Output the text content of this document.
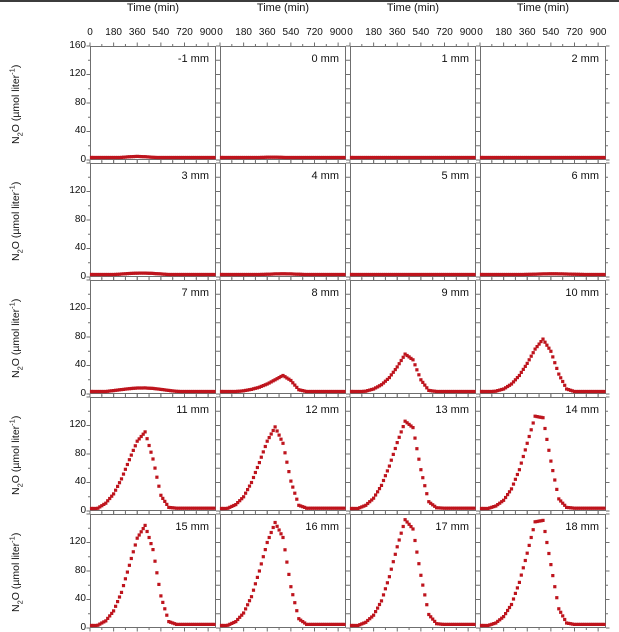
Time (min)
0 180 360 540 720 900
Time (min)
0 180 360 540 720 900
Time (min)
0 180 360 540 720 900
Time (min)
0 180 360 540 720 900
$N_2O$ (µmol liter$^{-1}$)
160
120
80
40
0
$N_2O$ (µmol liter$^{-1}$)
120
80
40
0
$N_2O$ (µmol liter$^{-1}$)
120
80
40
0
$N_2O$ (µmol liter$^{-1}$)
120
80
40
0
$N_2O$ (µmol liter$^{-1}$)
120
80
40
0
-1 mm	0 mm	1 mm	2 mm
3 mm	4 mm	5 mm	6 mm
7 mm	8 mm	9 mm	10 mm
11 mm	12 mm	13 mm	14 mm
15 mm	16 mm	17 mm	18 mm
